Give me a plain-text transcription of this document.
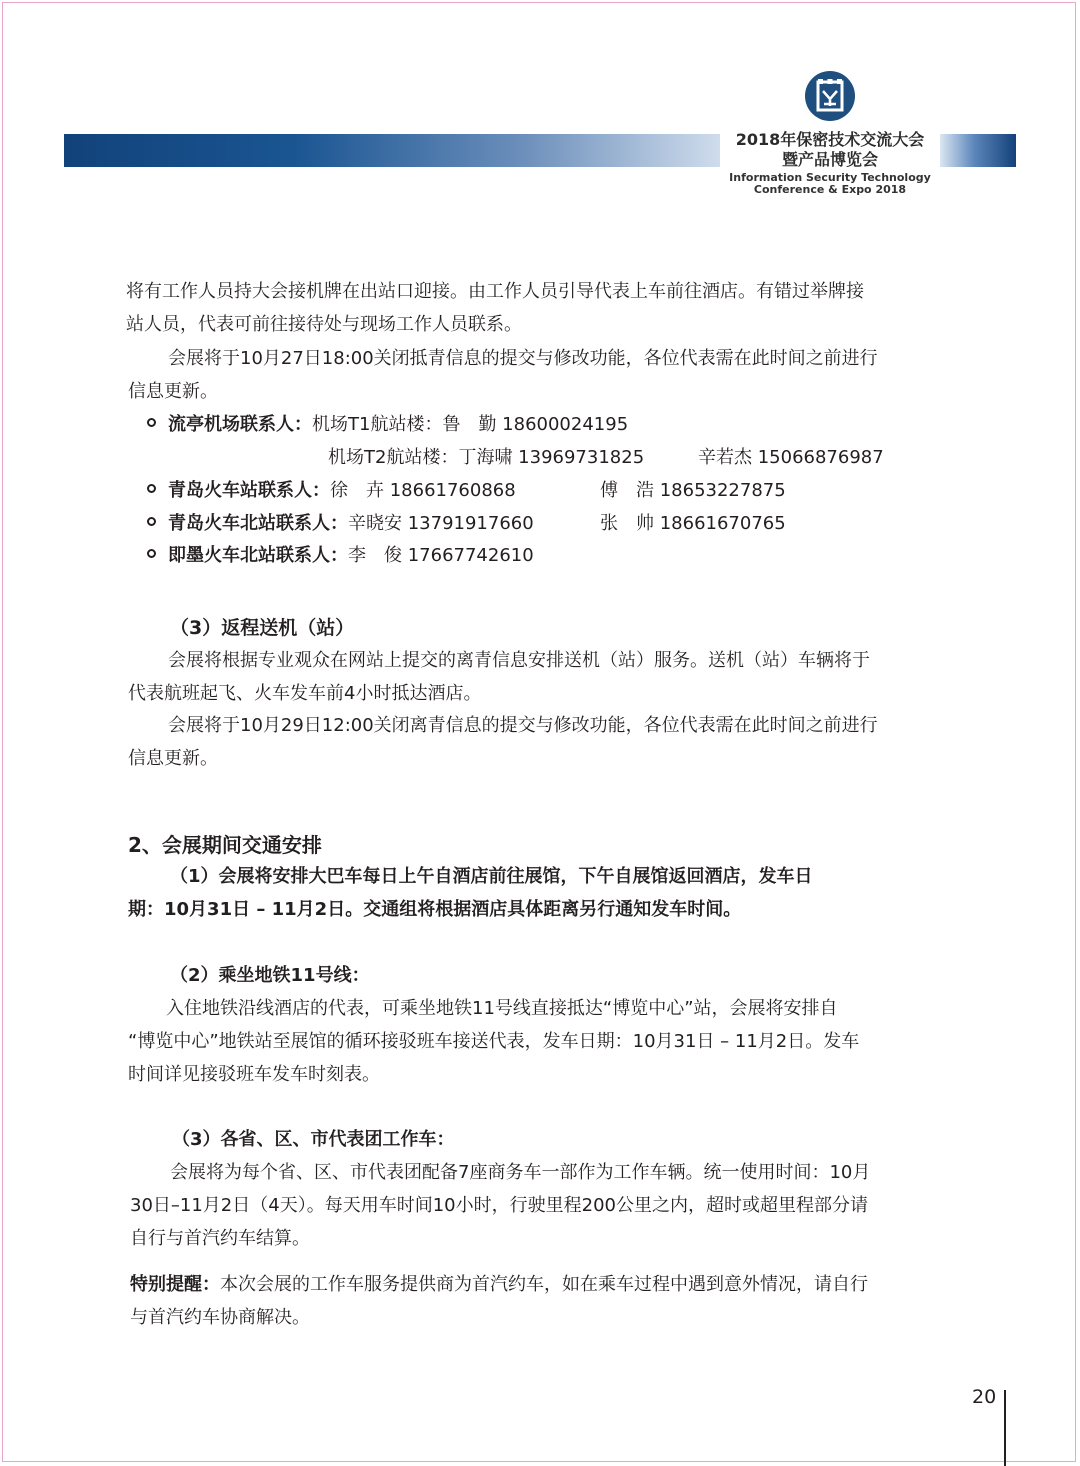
2018年保密技术交流大会
暨产品博览会
Information Security Technology
Conference & Expo 2018
将有工作人员持大会接机牌在出站口迎接。由工作人员引导代表上车前往酒店。有错过举牌接
站人员，代表可前往接待处与现场工作人员联系。
会展将于10月27日18:00关闭抵青信息的提交与修改功能，各位代表需在此时间之前进行
信息更新。
流亭机场联系人：机场T1航站楼：鲁　勤 18600024195
机场T2航站楼：丁海啸 13969731825	辛若杰 15066876987
青岛火车站联系人：徐　卉 18661760868	傅　浩 18653227875
青岛火车北站联系人：辛晓安 13791917660	张　帅 18661670765
即墨火车北站联系人：李　俊 17667742610
（3）返程送机（站）
会展将根据专业观众在网站上提交的离青信息安排送机（站）服务。送机（站）车辆将于
代表航班起飞、火车发车前4小时抵达酒店。
会展将于10月29日12:00关闭离青信息的提交与修改功能，各位代表需在此时间之前进行
信息更新。
2、会展期间交通安排
（1）会展将安排大巴车每日上午自酒店前往展馆，下午自展馆返回酒店，发车日
期：10月31日 – 11月2日。交通组将根据酒店具体距离另行通知发车时间。
（2）乘坐地铁11号线：
入住地铁沿线酒店的代表，可乘坐地铁11号线直接抵达“博览中心”站，会展将安排自
“博览中心”地铁站至展馆的循环接驳班车接送代表，发车日期：10月31日 – 11月2日。发车
时间详见接驳班车发车时刻表。
（3）各省、区、市代表团工作车：
会展将为每个省、区、市代表团配备7座商务车一部作为工作车辆。统一使用时间：10月
30日–11月2日（4天）。每天用车时间10小时，行驶里程200公里之内，超时或超里程部分请
自行与首汽约车结算。
特别提醒：本次会展的工作车服务提供商为首汽约车，如在乘车过程中遇到意外情况，请自行
与首汽约车协商解决。
20
